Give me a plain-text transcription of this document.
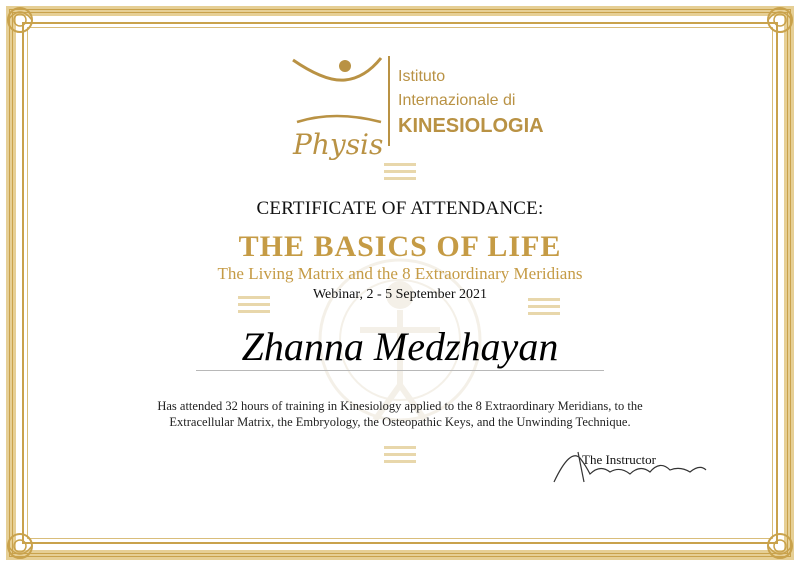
Physis
Istituto
Internazionale di
KINESIOLOGIA
CERTIFICATE OF ATTENDANCE:
THE BASICS OF LIFE
The Living Matrix and the 8 Extraordinary Meridians
Webinar, 2 - 5 September 2021
Zhanna Medzhayan
Has attended 32 hours of training in Kinesiology applied to the 8 Extraordinary Meridians, to the Extracellular Matrix, the Embryology, the Osteopathic Keys, and the Unwinding Technique.
The Instructor
